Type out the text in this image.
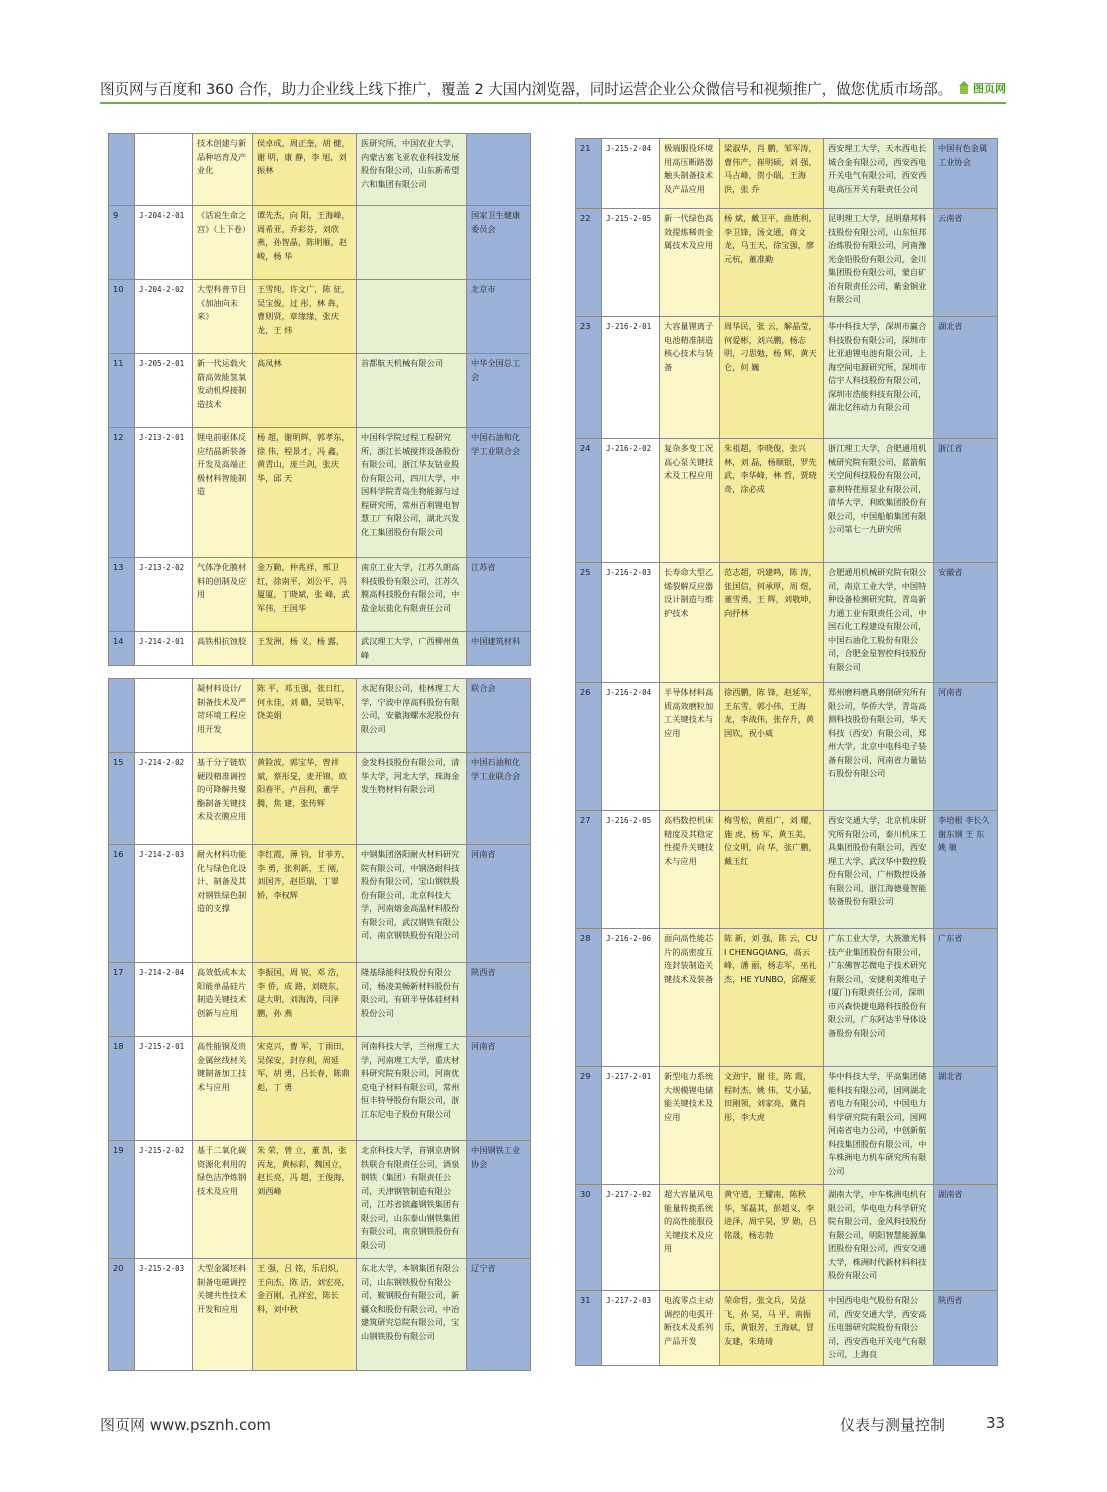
图页网与百度和 360 合作，助力企业线上线下推广，覆盖 2 大国内浏览器，同时运营企业公众微信号和视频推广，做您优质市场部。 图页网
		技术创建与新品种培育及产业化	侯卓成，周正奎，胡 健，谢 明，康 静，李 旭，刘振林	医研究所，中国农业大学，内蒙古塞飞亚农业科技发展股份有限公司，山东新希望六和集团有限公司	
9	J-204-2-01	《话说生命之宫》（上下卷）	谭先杰，向 阳，王海峰，周希亚，乔彩芬，刘欣燕，孙智晶，陈明雁，赵 峻，杨 华		国家卫生健康委员会
10	J-204-2-02	大型科普节目《加油向未来》	王雪纯，许文广，陈 征，吴宝俊，过 彤，林 犇，曹则贤，章缘缘，张庆龙，王 炜		北京市
11	J-205-2-01	新一代运载火箭高效能氢氧发动机焊接制造技术	高凤林	首都航天机械有限公司	中华全国总工会
12	J-213-2-01	锂电前驱体反应结晶新装备开发及高端正极材料智能制造	杨 超，谢明辉，郭孝东，徐 伟，程景才，冯 鑫，黄青山，庞兰剑，张庆华，邱 天	中国科学院过程工程研究所，浙江长城搅拌设备股份有限公司，浙江华友钴业股份有限公司，四川大学，中国科学院青岛生物能源与过程研究所，常州百利锂电智慧工厂有限公司，湖北兴发化工集团股份有限公司	中国石油和化学工业联合会
13	J-213-2-02	气体净化膜材料的创制及应用	金万勤，仲兆祥，邢卫红，徐南平，刘公平，冯厦厦，丁晓斌，张 峰，武军伟，王国华	南京工业大学，江苏久朗高科技股份有限公司，江苏久膜高科技股份有限公司，中盐金坛盐化有限责任公司	江苏省
14	J-214-2-01	高铁相抗蚀胶	王发洲，杨 义，杨 露，	武汉理工大学，广西柳州鱼峰	中国建筑材料
		凝材料设计/制备技术及严苛环境工程应用开发	陈 平，邓玉强，张日红，何永佳，刘 赣，吴铁军，饶美娟	水泥有限公司，桂林理工大学，宁波中淳高科股份有限公司，安徽海螺水泥股份有限公司	联合会
15	J-214-2-02	基于分子链软硬段精准调控的可降解共聚酯制备关键技术及衣膜应用	黄险波，郭宝华，曾祥斌，蔡彤旻，麦开锦，欧阳春平，卢昌利，董学腾，焦 建，张传辉	金发科技股份有限公司，清华大学，河北大学，珠海金发生物材料有限公司	中国石油和化学工业联合会
16	J-214-2-03	耐火材料功能化与绿色化设计、制备及其对钢铁绿色制造的支撑	李红霞，薄 钧，甘菲芳，李 勇，张利新，王 刚，刘国齐，赵臣瑞，丁翠娇，李权辉	中钢集团洛阳耐火材料研究院有限公司，中钢洛耐科技股份有限公司，宝山钢铁股份有限公司，北京科技大学，河南熔金高温材料股份有限公司，武汉钢铁有限公司，南京钢铁股份有限公司	河南省
17	J-214-2-04	高效低成本太阳能单晶硅片制造关键技术创新与应用	李振国，周 锐，邓 浩，李 侨，成 路，刘晓东，逯大明，刘海涛，闫泽鹏，孙 燕	隆基绿能科技股份有限公司，杨凌美畅新材料股份有限公司，有研半导体硅材料股份公司	陕西省
18	J-215-2-01	高性能铜及贵金属丝线材关键制备加工技术与应用	宋克兴，曹 军，丁雨田，吴保安，封存利，周延军，胡 勇，吕长春，陈鼎彪，丁 勇	河南科技大学，兰州理工大学，河南理工大学，重庆材料研究院有限公司，河南优克电子材料有限公司，常州恒丰特导股份有限公司，浙江东尼电子股份有限公司	河南省
19	J-215-2-02	基于二氧化碳资源化利用的绿色洁净炼钢技术及应用	朱 荣，曾 立，董 凯，张丙龙，黄标彩，魏国立，赵长亮，冯 超，王俊海，刘西峰	北京科技大学，首钢京唐钢铁联合有限责任公司，酒泉钢铁（集团）有限责任公司，天津钢管制造有限公司，江苏省镔鑫钢铁集团有限公司，山东泰山钢铁集团有限公司，南京钢铁股份有限公司	中国钢铁工业协会
20	J-215-2-03	大型金属坯料制备电磁调控关键共性技术开发和应用	王 强，吕 铭，乐启炽，王向杰，陈 洁，刘宏亮，金百刚，孔祥宏，陈长科，刘中秋	东北大学，本钢集团有限公司，山东钢铁股份有限公司，鞍钢股份有限公司，新疆众和股份有限公司，中冶建筑研究总院有限公司，宝山钢铁股份有限公司	辽宁省
21	J-215-2-04	极端服役环境用高压断路器触头制备技术及产品应用	梁淑华，肖 鹏，邹军涛，曹伟产，崔明硕，刘 强，马占峰，贺小瑞，王海洪，张 乔	西安理工大学，天水西电长城合金有限公司，西安西电开关电气有限公司，西安西电高压开关有限责任公司	中国有色金属工业协会
22	J-215-2-05	新一代绿色高效提炼稀贵金属技术及应用	杨 斌，戴卫平，曲胜利，李卫锋，汤文通，蒋文龙，马玉天，徐宝强，廖元杭，董准勤	昆明理工大学，昆明鼎邦科技股份有限公司，山东恒邦冶炼股份有限公司，河南豫光金铅股份有限公司，金川集团股份有限公司，蒙自矿冶有限责任公司，紫金铜业有限公司	云南省
23	J-216-2-01	大容量锂离子电池精准制造核心技术与装备	周华民，张 云，解晶莹，何爱彬，刘兴鹏，杨志明，刁思勉，杨 辉，黄天仑，何 巍	华中科技大学，深圳市赢合科技股份有限公司，深圳市比亚迪锂电池有限公司，上海空间电源研究所，深圳市信宇人科技股份有限公司，深圳市浩能科技有限公司，湖北亿纬动力有限公司	湖北省
24	J-216-2-02	复杂多变工况高心泵关键技术及工程应用	朱祖超，李晓俊，张兴林，刘 磊，杨顺银，罗先武，李华峰，林 哲，贾晓奇，涂必成	浙江理工大学，合肥通用机械研究院有限公司，蓝箭航天空间科技股份有限公司，嘉利特荏原泵业有限公司，清华大学，利欧集团股份有限公司，中国船舶集团有限公司第七一九研究所	浙江省
25	J-216-2-03	长寿命大型乙烯裂解反应器设计制造与维护技术	范志超，巩建鸣，陈 涛，张国信，何承厚，周 煜，董雪勇，王 辉，刘敬坤，向抒林	合肥通用机械研究院有限公司，南京工业大学，中国特种设备检测研究院，青岛新力通工业有限责任公司，中国石化工程建设有限公司，中国石油化工股份有限公司，合肥金星智控科技股份有限公司	安徽省
26	J-216-2-04	半导体材料高质高效磨粒加工关键技术与应用	徐西鹏，陈 锋，赵延军，王东雪，郭小伟，王海龙，李战伟，张存升，黄国钦，祝小威	郑州磨料磨具磨削研究所有限公司，华侨大学，青岛高测科技股份有限公司，华天科技（西安）有限公司，郑州大学，北京中电科电子装备有限公司，河南省力量钻石股份有限公司	河南省
27	J-216-2-05	高档数控机床精度及其稳定性提升关键技术与应用	梅雪松，黄祖广，刘 耀，施 虎，杨 军，黄玉美，位文明，向 华，张广鹏，戴玉红	西安交通大学，北京机床研究所有限公司，泰川机床工具集团股份有限公司，西安理工大学，武汉华中数控股份有限公司，广州数控设备有限公司，浙江海德曼智能装备股份有限公司	李培根 李长久 谢东钢 王 东 姚 敏
28	J-216-2-06	面向高性能芯片的高密度互连封装制造关键技术及装备	陈 新，刘 强，陈 云，CUI CHENGQIANG，高云峰，潘 丽，杨志军，巫礼杰，HE YUNBO，邱醒亚	广东工业大学，大族激光科技产业集团股份有限公司，广东佛智芯微电子技术研究有限公司，安捷利美维电子(厦门)有限责任公司，深圳市兴森快捷电路科技股份有限公司，广东阿达半导体设备股份有限公司	广东省
29	J-217-2-01	新型电力系统大规模锂电储能关键技术及应用	文劲宇，谢 佳，陈 霞，程时杰，姚 伟，艾小猛，田刚领，刘家亮，冀肖彤，李大虎	华中科技大学，平高集团储能科技有限公司，国网湖北省电力有限公司，中国电力科学研究院有限公司，国网河南省电力公司，中创新航科技集团股份有限公司，中车株洲电力机车研究所有限公司	湖北省
30	J-217-2-02	超大容量风电能量转换系统的高性能服役关键技术及应用	黄守道，王耀南，陈秋华，邹磊其，彭超义，李进泽，周宇昊，罗 勋，吕铭晟，杨志勃	湖南大学，中车株洲电机有限公司，华电电力科学研究院有限公司，金风科技股份有限公司，明阳智慧能源集团股份有限公司，西安交通大学，株洲时代新材料科技股份有限公司	湖南省
31	J-217-2-03	电流零点主动调控的电弧开断技术及系列产品开发	荣命哲，张文兵，吴益飞，孙 昊，马 平，南振乐，黄银芳，王海斌，冒友建，朱琦琦	中国西电电气股份有限公司，西安交通大学，西安高压电器研究院股份有限公司，西安西电开关电气有限公司，上海良	陕西省
图页网 www.psznh.com	仪表与测量控制	33
